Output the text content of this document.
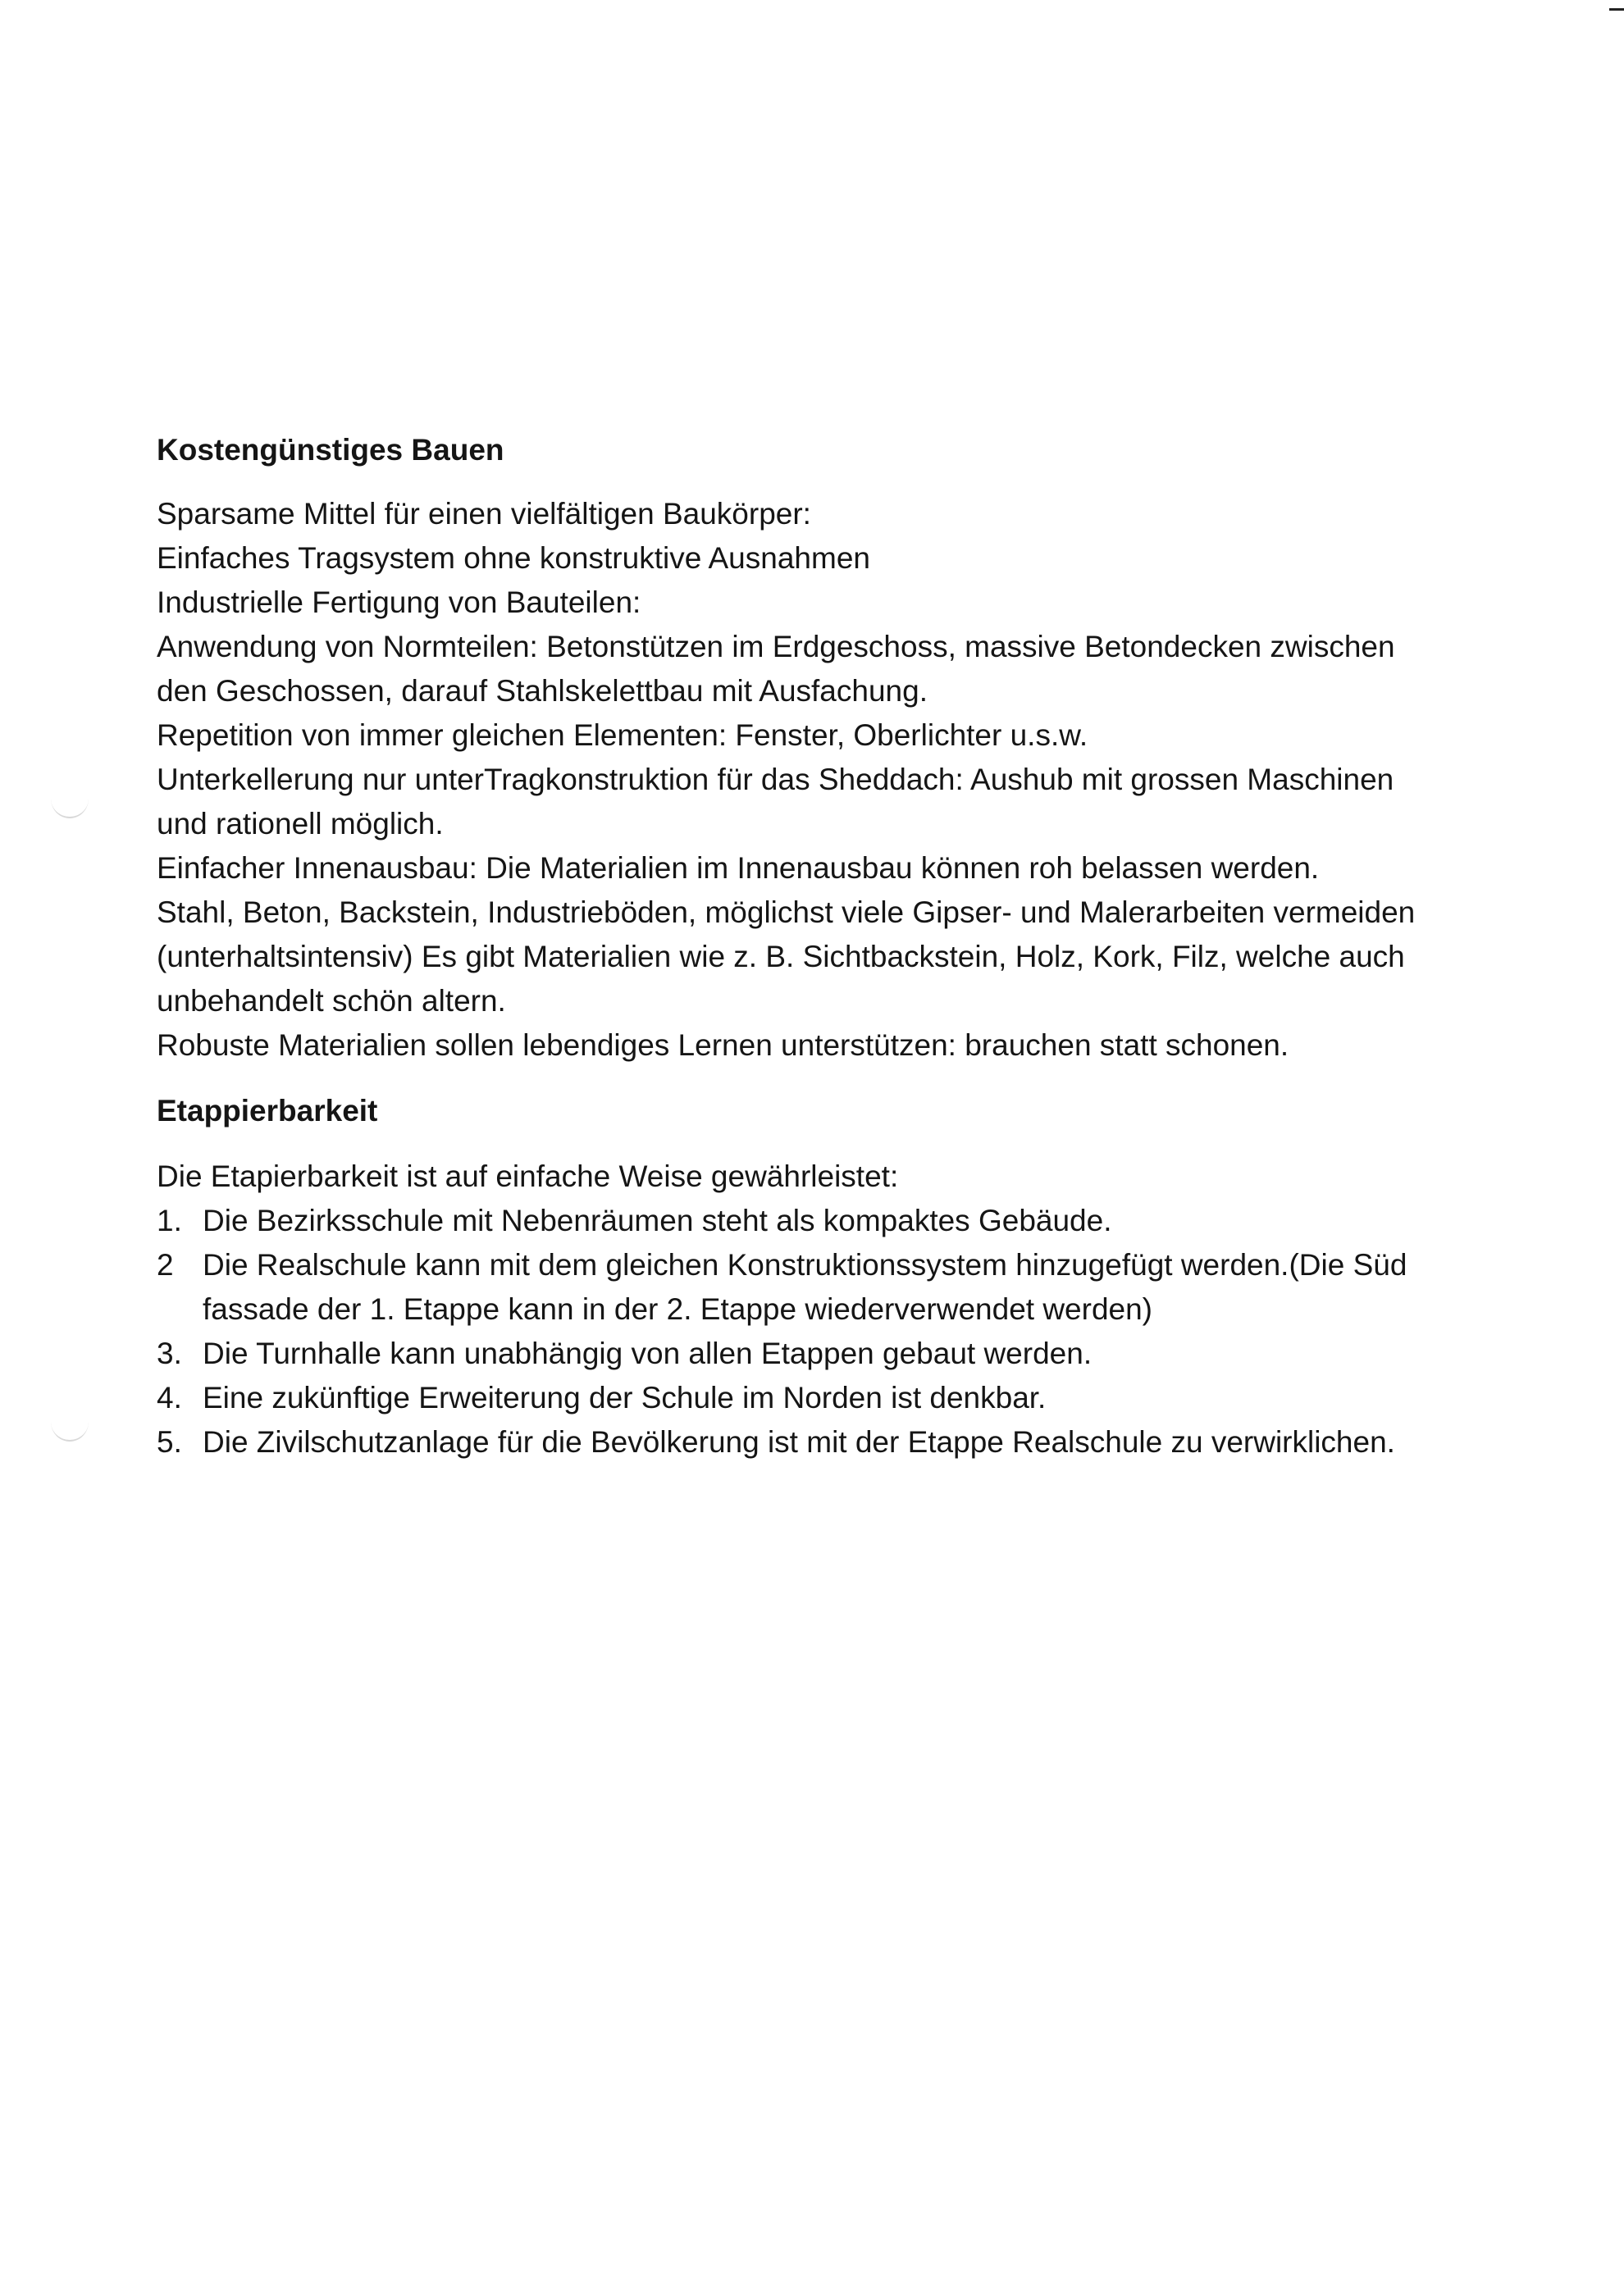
Kostengünstiges Bauen

Sparsame Mittel für einen vielfältigen Baukörper:

Einfaches Tragsystem ohne konstruktive Ausnahmen

Industrielle Fertigung von Bauteilen:

Anwendung von Normteilen: Betonstützen im Erdgeschoss, massive Betondecken zwischen

den Geschossen, darauf Stahlskelettbau mit Ausfachung.

Repetition von immer gleichen Elementen: Fenster, Oberlichter u.s.w.

Unterkellerung nur unterTragkonstruktion für das Sheddach: Aushub mit grossen Maschinen

und rationell möglich.

Einfacher Innenausbau: Die Materialien im Innenausbau können roh belassen werden.

Stahl, Beton, Backstein, Industrieböden, möglichst viele Gipser- und Malerarbeiten vermeiden

(unterhaltsintensiv) Es gibt Materialien wie z. B. Sichtbackstein, Holz, Kork, Filz, welche auch

unbehandelt schön altern.

Robuste Materialien sollen lebendiges Lernen unterstützen: brauchen statt schonen.

Etappierbarkeit

Die Etapierbarkeit ist auf einfache Weise gewährleistet:

1. Die Bezirksschule mit Nebenräumen steht als kompaktes Gebäude.
2 Die Realschule kann mit dem gleichen Konstruktionssystem hinzugefügt werden.(Die Süd
fassade der 1. Etappe kann in der 2. Etappe wiederverwendet werden)
3. Die Turnhalle kann unabhängig von allen Etappen gebaut werden.
4. Eine zukünftige Erweiterung der Schule im Norden ist denkbar.
5. Die Zivilschutzanlage für die Bevölkerung ist mit der Etappe Realschule zu verwirklichen.
